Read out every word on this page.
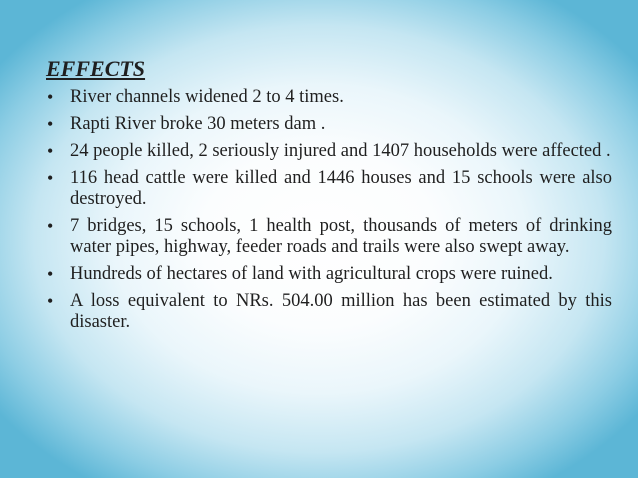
EFFECTS
• River channels widened 2 to 4 times.
• Rapti River broke 30 meters dam .
• 24 people killed, 2 seriously injured and 1407 households were affected .
• 116 head cattle were killed and 1446 houses and 15 schools were also destroyed.
• 7 bridges, 15 schools, 1 health post, thousands of meters of drinking water pipes, highway, feeder roads and trails were also swept away.
• Hundreds of hectares of land with agricultural crops were ruined.
• A loss equivalent to NRs. 504.00 million has been estimated by this disaster.
